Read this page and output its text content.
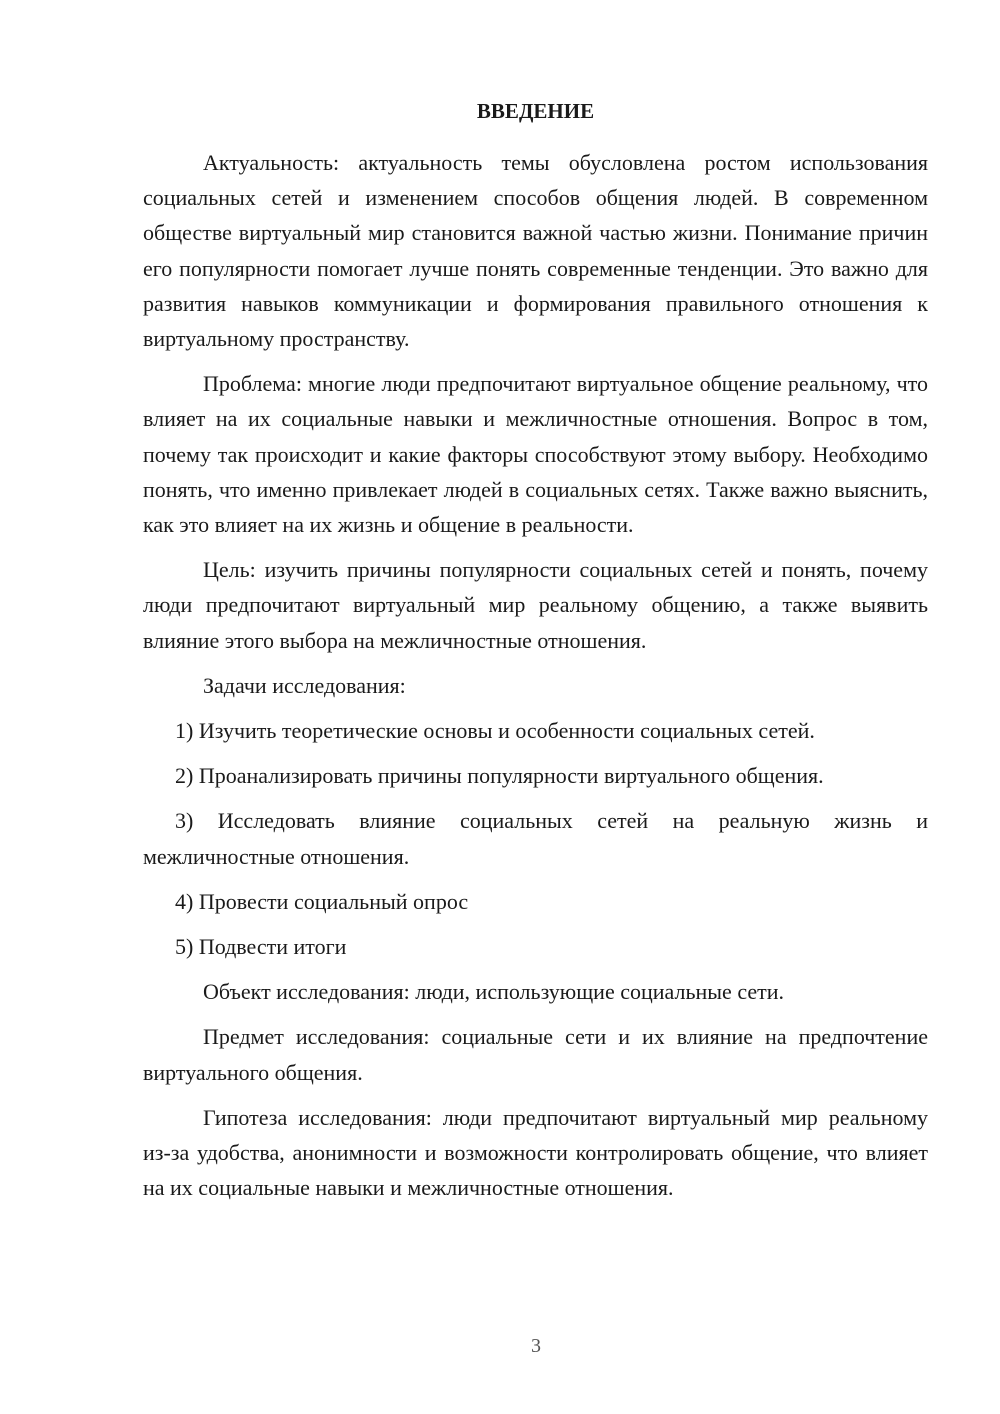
ВВЕДЕНИЕ

Актуальность: актуальность темы обусловлена ростом использования социальных сетей и изменением способов общения людей. В современном обществе виртуальный мир становится важной частью жизни. Понимание причин его популярности помогает лучше понять современные тенденции. Это важно для развития навыков коммуникации и формирования правильного отношения к виртуальному пространству.

Проблема: многие люди предпочитают виртуальное общение реальному, что влияет на их социальные навыки и межличностные отношения. Вопрос в том, почему так происходит и какие факторы способствуют этому выбору. Необходимо понять, что именно привлекает людей в социальных сетях. Также важно выяснить, как это влияет на их жизнь и общение в реальности.

Цель: изучить причины популярности социальных сетей и понять, почему люди предпочитают виртуальный мир реальному общению, а также выявить влияние этого выбора на межличностные отношения.

Задачи исследования:

1) Изучить теоретические основы и особенности социальных сетей.

2) Проанализировать причины популярности виртуального общения.

3) Исследовать влияние социальных сетей на реальную жизнь и межличностные отношения.

4) Провести социальный опрос

5) Подвести итоги

Объект исследования: люди, использующие социальные сети.

Предмет исследования: социальные сети и их влияние на предпочтение виртуального общения.

Гипотеза исследования: люди предпочитают виртуальный мир реальному из-за удобства, анонимности и возможности контролировать общение, что влияет на их социальные навыки и межличностные отношения.

3
